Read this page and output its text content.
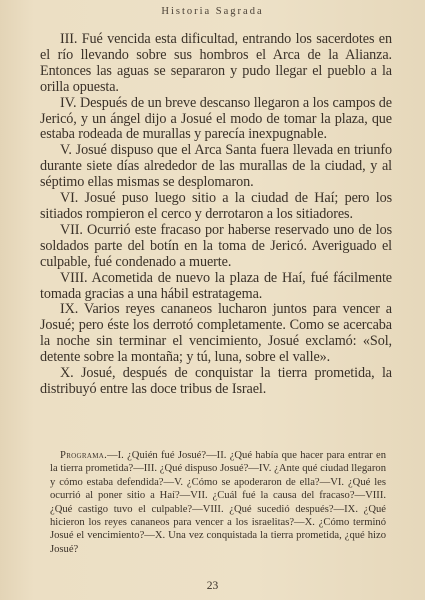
Historia Sagrada

III. Fué vencida esta dificultad, entrando los sacerdotes en el río llevando sobre sus hombros el Arca de la Alianza. Entonces las aguas se separaron y pudo llegar el pueblo a la orilla opuesta.

IV. Después de un breve descanso llegaron a los campos de Jericó, y un ángel dijo a Josué el modo de tomar la plaza, que estaba rodeada de murallas y parecía inexpugnable.

V. Josué dispuso que el Arca Santa fuera llevada en triunfo durante siete días alrededor de las murallas de la ciudad, y al séptimo ellas mismas se desplomaron.

VI. Josué puso luego sitio a la ciudad de Haí; pero los sitiados rompieron el cerco y derrotaron a los sitiadores.

VII. Ocurrió este fracaso por haberse reservado uno de los soldados parte del botín en la toma de Jericó. Averiguado el culpable, fué condenado a muerte.

VIII. Acometida de nuevo la plaza de Haí, fué fácilmente tomada gracias a una hábil estratagema.

IX. Varios reyes cananeos lucharon juntos para vencer a Josué; pero éste los derrotó completamente. Como se acercaba la noche sin terminar el vencimiento, Josué exclamó: «Sol, detente sobre la montaña; y tú, luna, sobre el valle».

X. Josué, después de conquistar la tierra prometida, la distribuyó entre las doce tribus de Israel.

Programa.—I. ¿Quién fué Josué?—II. ¿Qué había que hacer para entrar en la tierra prometida?—III. ¿Qué dispuso Josué?—IV. ¿Ante qué ciudad llegaron y cómo estaba defendida?—V. ¿Cómo se apoderaron de ella?—VI. ¿Qué les ocurrió al poner sitio a Haí?—VII. ¿Cuál fué la causa del fracaso?—VIII. ¿Qué castigo tuvo el culpable?—VIII. ¿Qué sucedió después?—IX. ¿Qué hicieron los reyes cananeos para vencer a los israelitas?—X. ¿Cómo terminó Josué el vencimiento?—X. Una vez conquistada la tierra prometida, ¿qué hizo Josué?
23
